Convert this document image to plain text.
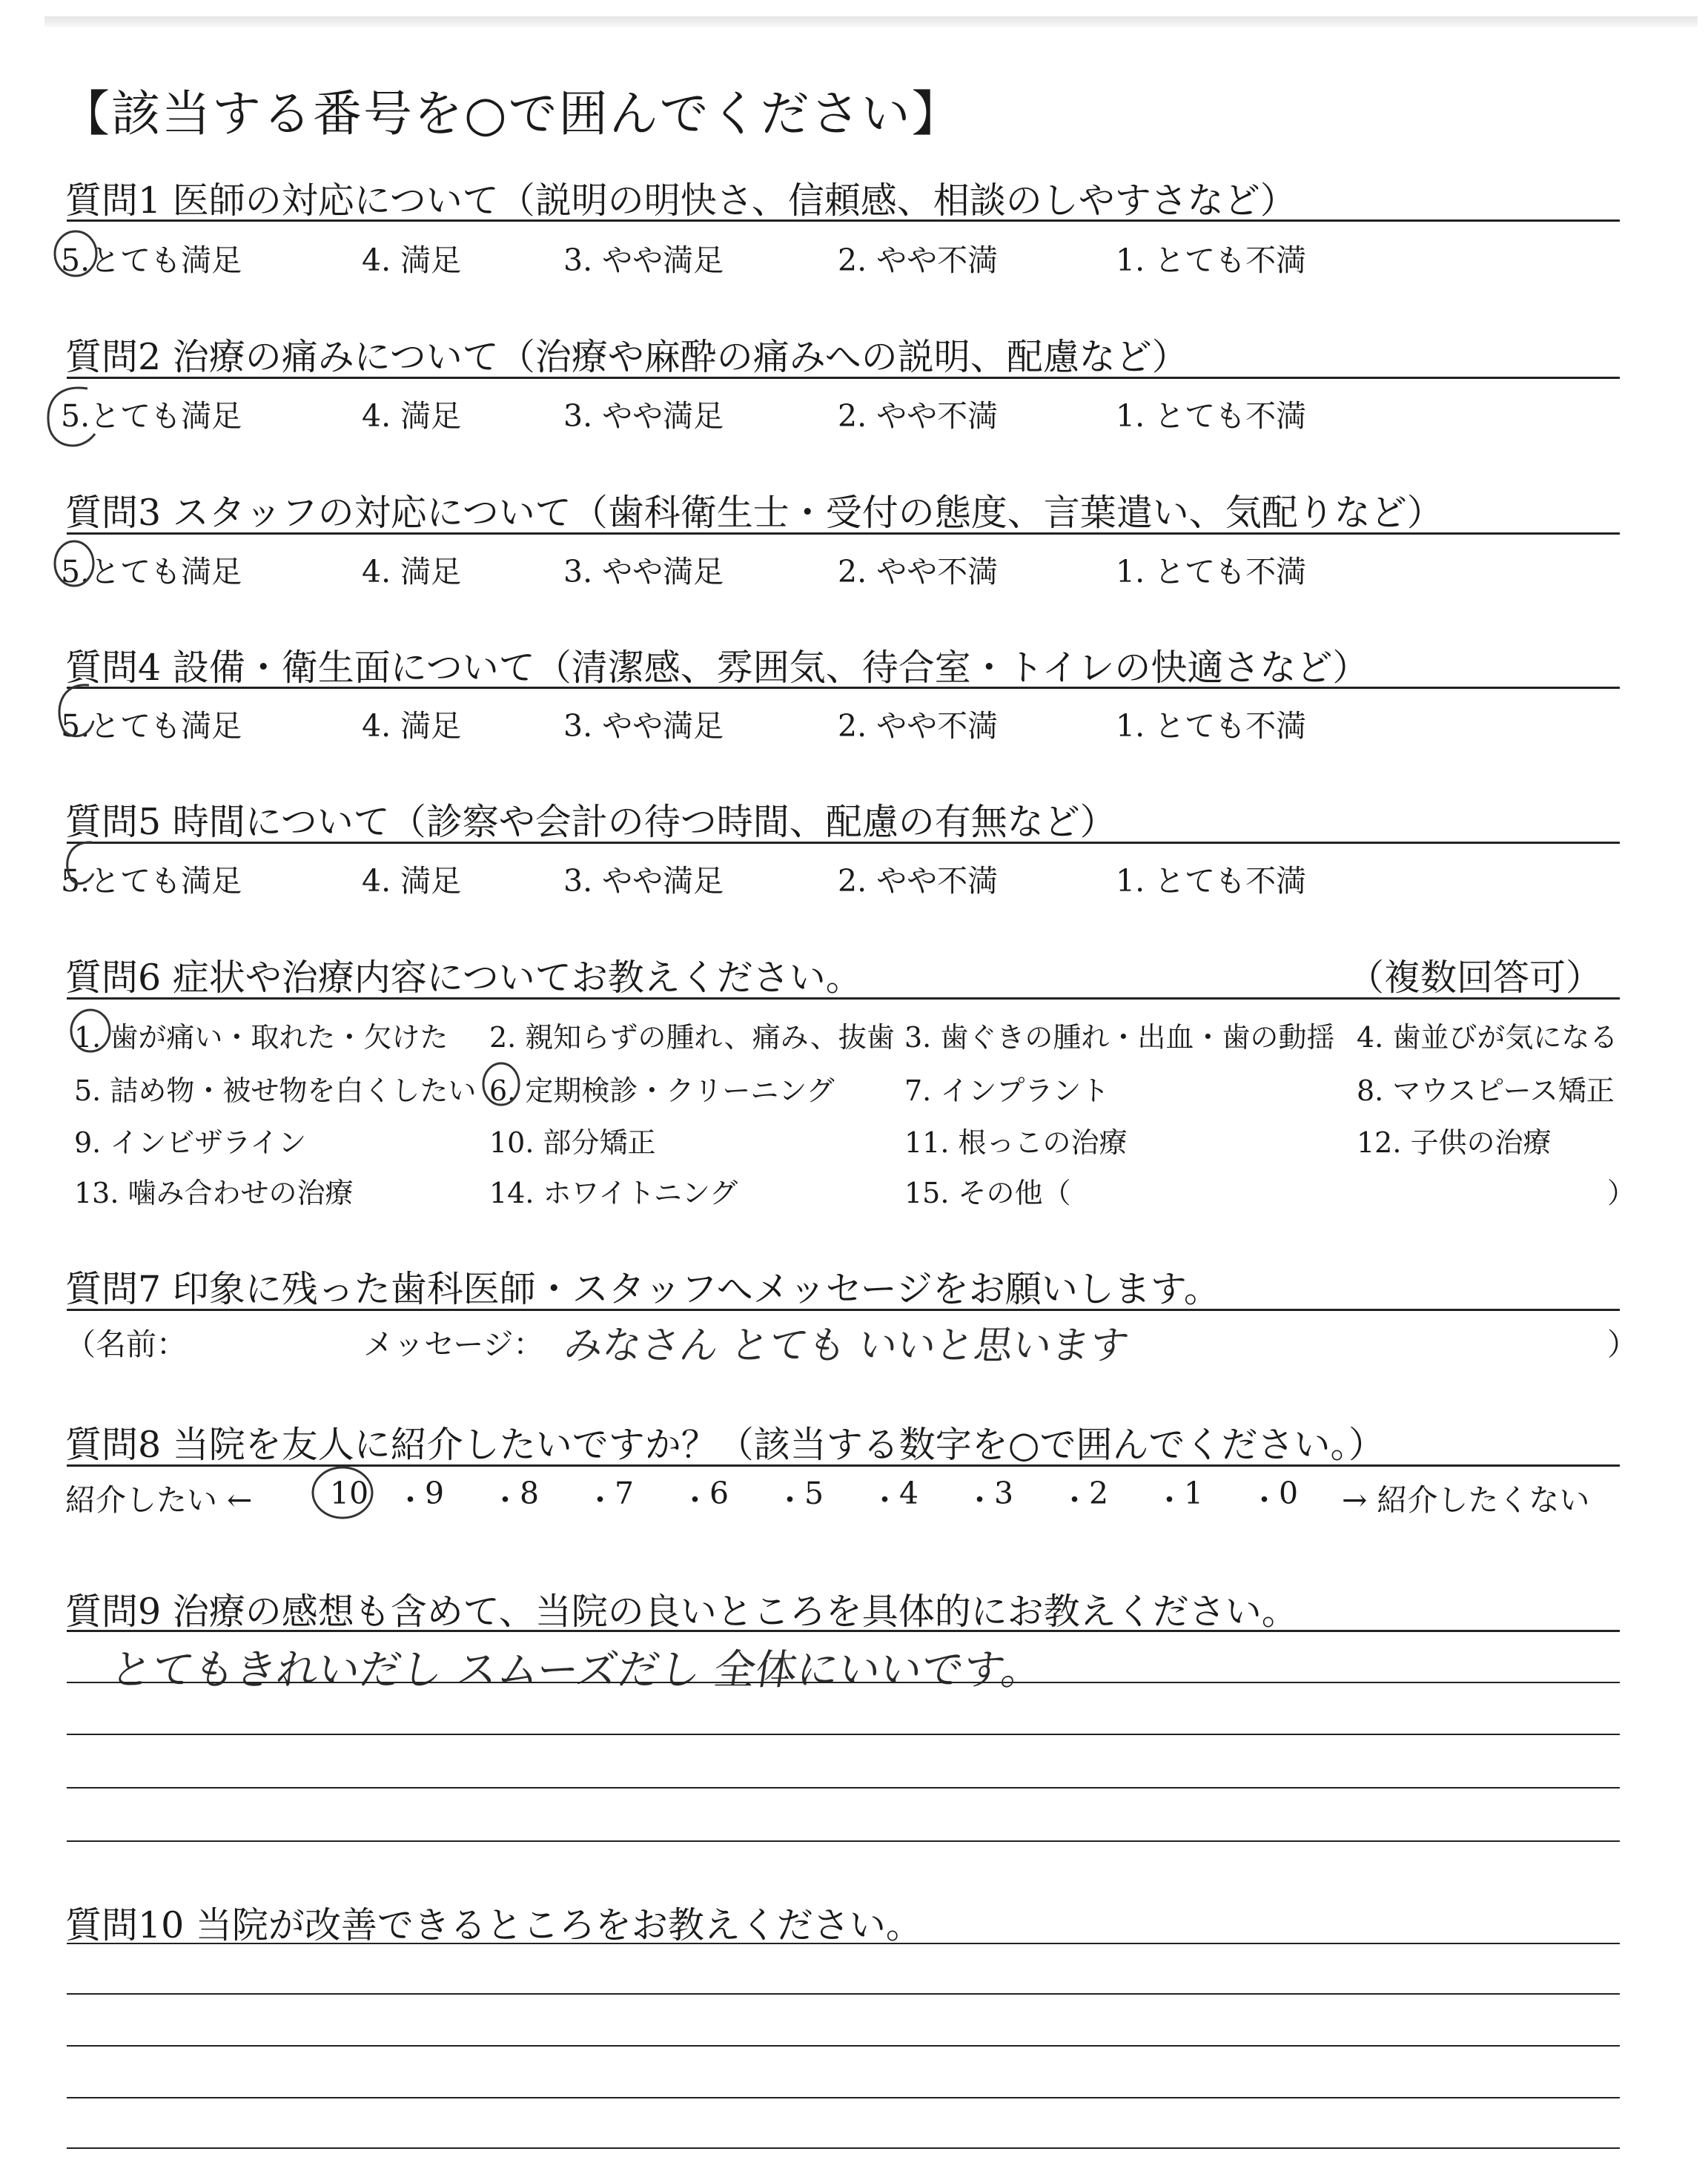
【該当する番号を○で囲んでください】
質問1 医師の対応について（説明の明快さ、信頼感、相談のしやすさなど）
5.とても満足	4. 満足	3. やや満足	2. やや不満	1. とても不満
質問2 治療の痛みについて（治療や麻酔の痛みへの説明、配慮など）
5.とても満足	4. 満足	3. やや満足	2. やや不満	1. とても不満
質問3 スタッフの対応について（歯科衛生士・受付の態度、言葉遣い、気配りなど）
5.とても満足	4. 満足	3. やや満足	2. やや不満	1. とても不満
質問4 設備・衛生面について（清潔感、雰囲気、待合室・トイレの快適さなど）
5.とても満足	4. 満足	3. やや満足	2. やや不満	1. とても不満
質問5 時間について（診察や会計の待つ時間、配慮の有無など）
5.とても満足	4. 満足	3. やや満足	2. やや不満	1. とても不満
質問6 症状や治療内容についてお教えください。	（複数回答可）
1. 歯が痛い・取れた・欠けた 2. 親知らずの腫れ、痛み、抜歯 3. 歯ぐきの腫れ・出血・歯の動揺 4. 歯並びが気になる
5. 詰め物・被せ物を白くしたい 6. 定期検診・クリーニング 7. インプラント	8. マウスピース矯正
9. インビザライン	10. 部分矯正	11. 根っこの治療	12. 子供の治療
13. 噛み合わせの治療	14. ホワイトニング	15. その他（	）
質問7 印象に残った歯科医師・スタッフへメッセージをお願いします。
（名前：	メッセージ： みなさん とても いいと思います	）
質問8 当院を友人に紹介したいですか？（該当する数字を○で囲んでください。）
紹介したい ←	10 ・ 9 ・ 8 ・ 7 ・ 6 ・ 5 ・ 4 ・ 3 ・ 2 ・ 1 ・ 0 → 紹介したくない
質問9 治療の感想も含めて、当院の良いところを具体的にお教えください。
とてもきれいだし スムーズだし 全体にいいです。
質問10 当院が改善できるところをお教えください。
